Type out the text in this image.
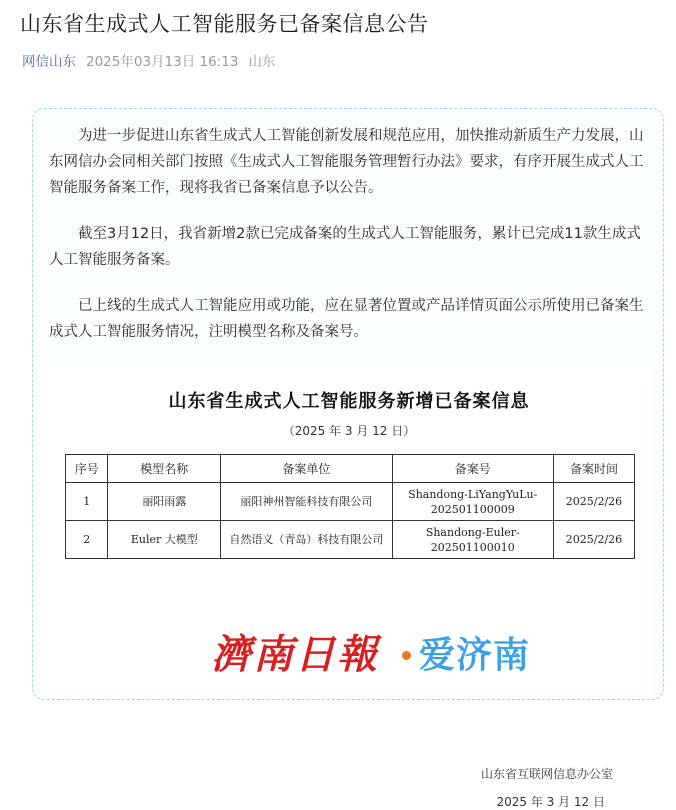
山东省生成式人工智能服务已备案信息公告
网信山东 2025年03月13日 16:13 山东

为进一步促进山东省生成式人工智能创新发展和规范应用，加快推动新质生产力发展，山东网信办会同相关部门按照《生成式人工智能服务管理暂行办法》要求，有序开展生成式人工智能服务备案工作，现将我省已备案信息予以公告。

截至3月12日，我省新增2款已完成备案的生成式人工智能服务，累计已完成11款生成式人工智能服务备案。

已上线的生成式人工智能应用或功能，应在显著位置或产品详情页面公示所使用已备案生成式人工智能服务情况，注明模型名称及备案号。

山东省生成式人工智能服务新增已备案信息
（2025 年 3 月 12 日）
序号	模型名称	备案单位	备案号	备案时间
1	丽阳雨露	丽阳神州智能科技有限公司	Shandong-LiYangYuLu-202501100009	2025/2/26
2	Euler 大模型	自然语义（青岛）科技有限公司	Shandong-Euler-202501100010	2025/2/26
山东省互联网信息办公室
2025 年 3 月 12 日
濟南日報 爱济南
